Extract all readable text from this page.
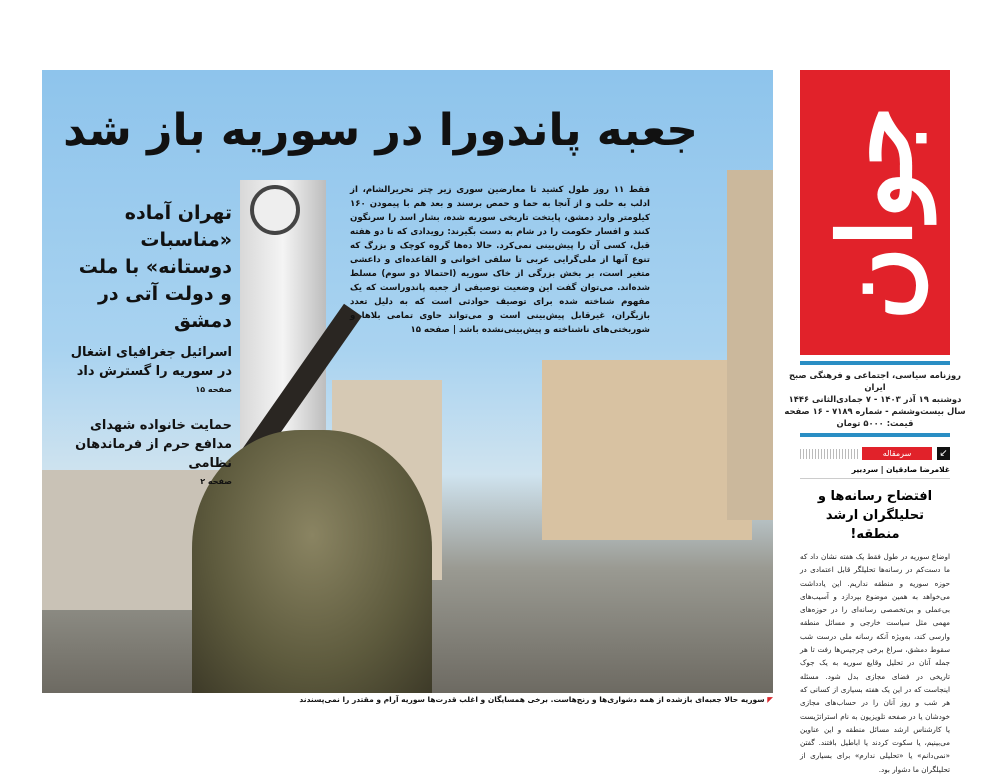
جعبه پاندورا در سوریه باز شد
فقط ۱۱ روز طول کشید تا معارضین سوری زیر چتر تحریرالشام، از ادلب به حلب و از آنجا به حما و حمص برسند و بعد هم با پیمودن ۱۶۰ کیلومتر وارد دمشق، پایتخت تاریخی سوریه شده، بشار اسد را سرنگون کنند و افسار حکومت را در شام به دست بگیرند: رویدادی که تا دو هفته قبل، کسی آن را پیش‌بینی نمی‌کرد. حالا ده‌ها گروه کوچک و بزرگ که تنوع آنها از ملی‌گرایی عربی تا سلفی اخوانی و القاعده‌ای و داعشی متغیر است، بر بخش بزرگی از خاک سوریه (احتمالا دو سوم) مسلط شده‌اند. می‌توان گفت این وضعیت توصیفی از جعبه پاندوراست که یک مفهوم شناخته شده برای توصیف حوادثی است که به دلیل تعدد بازیگران، غیرقابل پیش‌بینی است و می‌تواند حاوی تمامی بلاها و شوربختی‌های ناشناخته و پیش‌بینی‌نشده باشد | صفحه ۱۵
تهران آماده «مناسبات دوستانه» با ملت و دولت آتی در دمشق
اسرائیل جغرافیای اشغال در سوریه را گسترش داد
صفحه ۱۵
حمایت خانواده شهدای مدافع حرم از فرماندهان نظامی
صفحه ۲
◤ سوریه حالا جعبه‌ای بازشده از همه دشواری‌ها و رنج‌هاست. برخی همسایگان و اغلب قدرت‌ها سوریه آرام و مقتدر را نمی‌پسندند
جوان
روزنامه سیاسی، اجتماعی و فرهنگی صبح ایران
دوشنبه ۱۹ آذر ۱۴۰۳ - ۷ جمادی‌الثانی ۱۴۴۶
سال بیست‌وششم - شماره ۷۱۸۹ - ۱۶ صفحه
قیمت: ۵۰۰۰ تومان
↙
سرمقاله
غلامرضا صادقیان | سردبیر
افتضاح رسانه‌ها و تحلیلگران ارشد منطقه!
اوضاع سوریه در طول فقط یک هفته نشان داد که ما دست‌کم در رسانه‌ها تحلیلگر قابل اعتمادی در حوزه سوریه و منطقه نداریم. این یادداشت می‌خواهد به همین موضوع بپردازد و آسیب‌های بی‌عملی و بی‌تخصصی رسانه‌ای را در حوزه‌های مهمی مثل سیاست خارجی و مسائل منطقه وارسی کند، به‌ویژه آنکه رسانه ملی درست شب سقوط دمشق، سراغ برخی چرجیس‌ها رفت تا هر جمله آنان در تحلیل وقایع سوریه به یک جوک تاریخی در فضای مجازی بدل شود. مسئله اینجاست که در این یک هفته بسیاری از کسانی که هر شب و روز آنان را در حساب‌های مجازی خودشان یا در صفحه تلویزیون به نام استراتژیست یا کارشناس ارشد مسائل منطقه و این عناوین می‌بینیم، یا سکوت کردند یا اباطیل بافتند. گفتن «نمی‌دانم» یا «تحلیلی ندارم» برای بسیاری از تحلیلگران ما دشوار بود.
